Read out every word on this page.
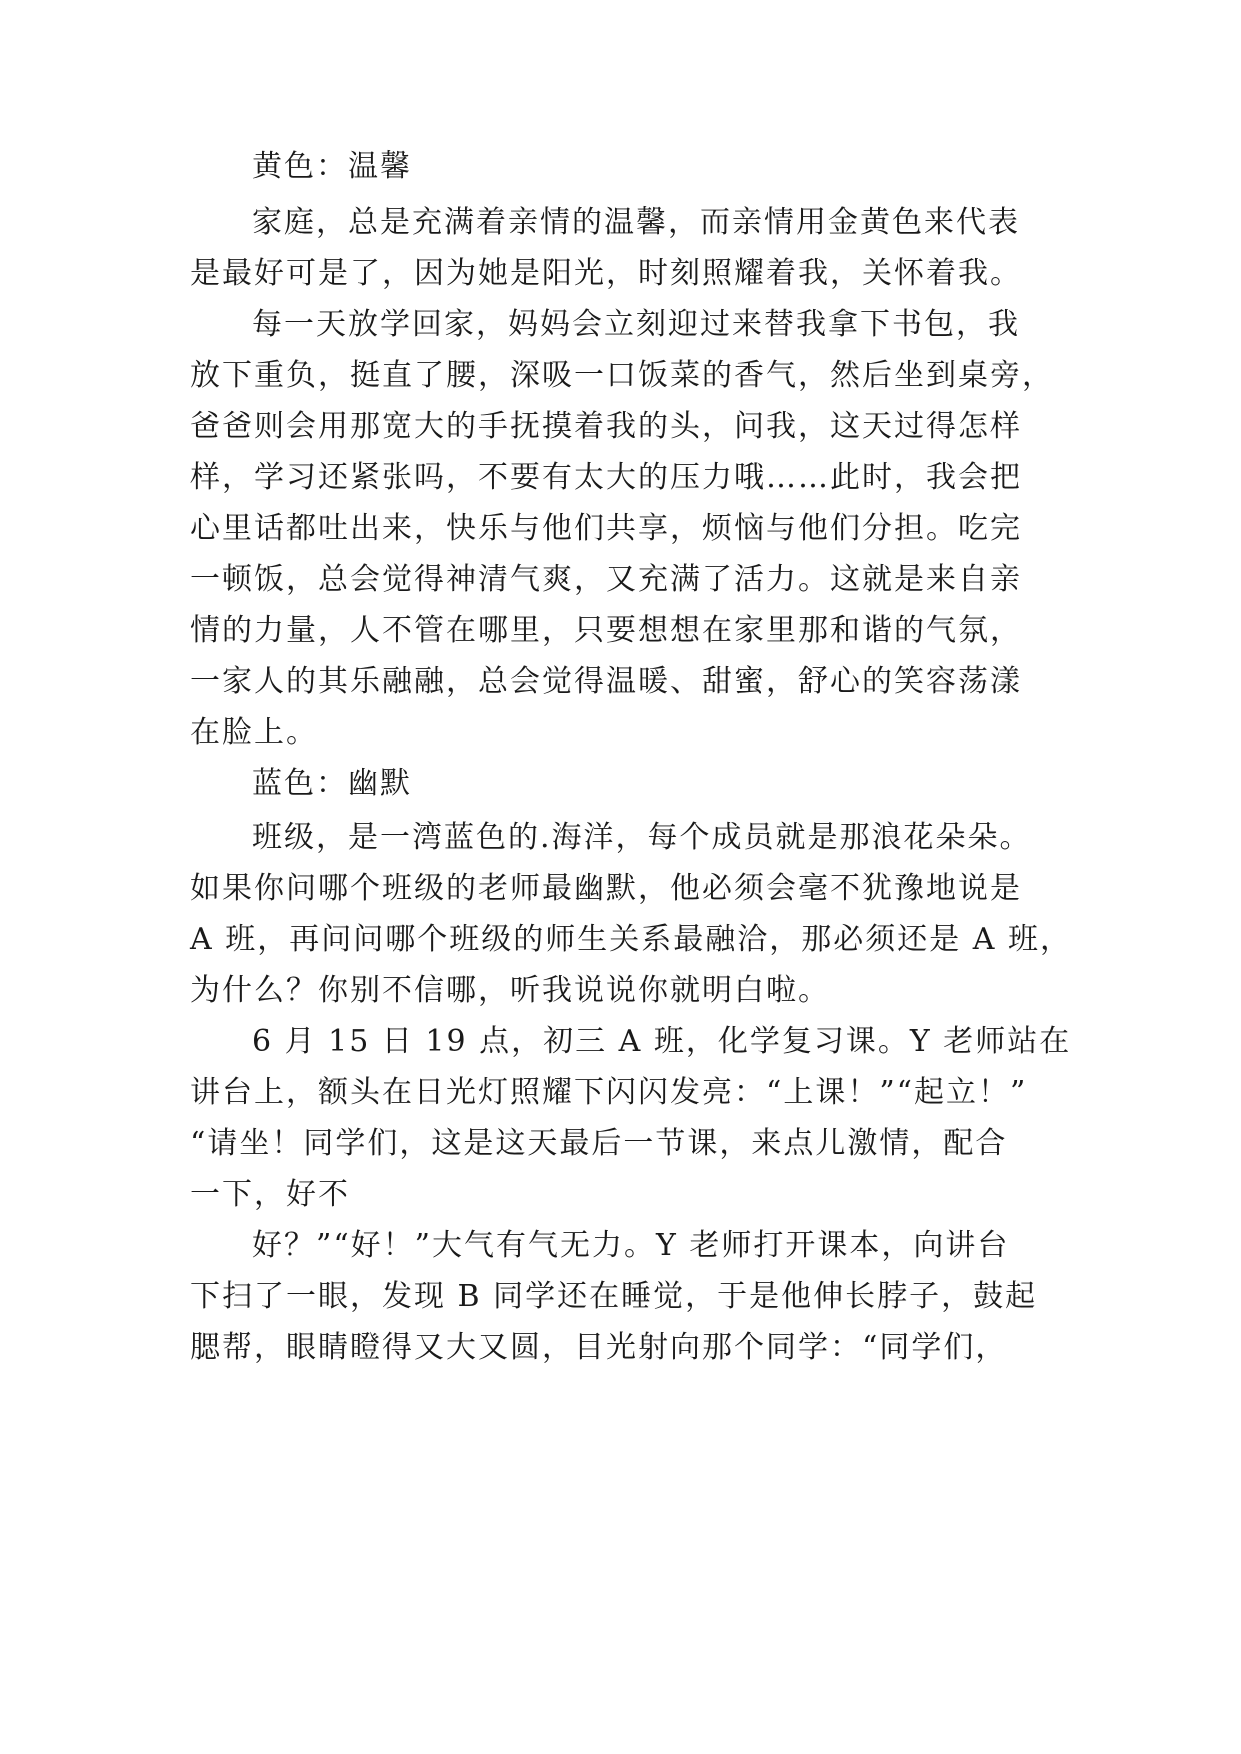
黄色：温馨
家庭，总是充满着亲情的温馨，而亲情用金黄色来代表
是最好可是了，因为她是阳光，时刻照耀着我，关怀着我。
每一天放学回家，妈妈会立刻迎过来替我拿下书包，我
放下重负，挺直了腰，深吸一口饭菜的香气，然后坐到桌旁，
爸爸则会用那宽大的手抚摸着我的头，问我，这天过得怎样
样，学习还紧张吗，不要有太大的压力哦……此时，我会把
心里话都吐出来，快乐与他们共享，烦恼与他们分担。吃完
一顿饭，总会觉得神清气爽，又充满了活力。这就是来自亲
情的力量，人不管在哪里，只要想想在家里那和谐的气氛，
一家人的其乐融融，总会觉得温暖、甜蜜，舒心的笑容荡漾
在脸上。
蓝色：幽默
班级，是一湾蓝色的.海洋，每个成员就是那浪花朵朵。
如果你问哪个班级的老师最幽默，他必须会毫不犹豫地说是
A 班，再问问哪个班级的师生关系最融洽，那必须还是 A 班，
为什么？你别不信哪，听我说说你就明白啦。
6 月 15 日 19 点，初三 A 班，化学复习课。Y 老师站在
讲台上，额头在日光灯照耀下闪闪发亮：“上课！”“起立！”
“请坐！同学们，这是这天最后一节课，来点儿激情，配合
一下，好不
好？”“好！”大气有气无力。Y 老师打开课本，向讲台
下扫了一眼，发现 B 同学还在睡觉，于是他伸长脖子，鼓起
腮帮，眼睛瞪得又大又圆，目光射向那个同学：“同学们，
